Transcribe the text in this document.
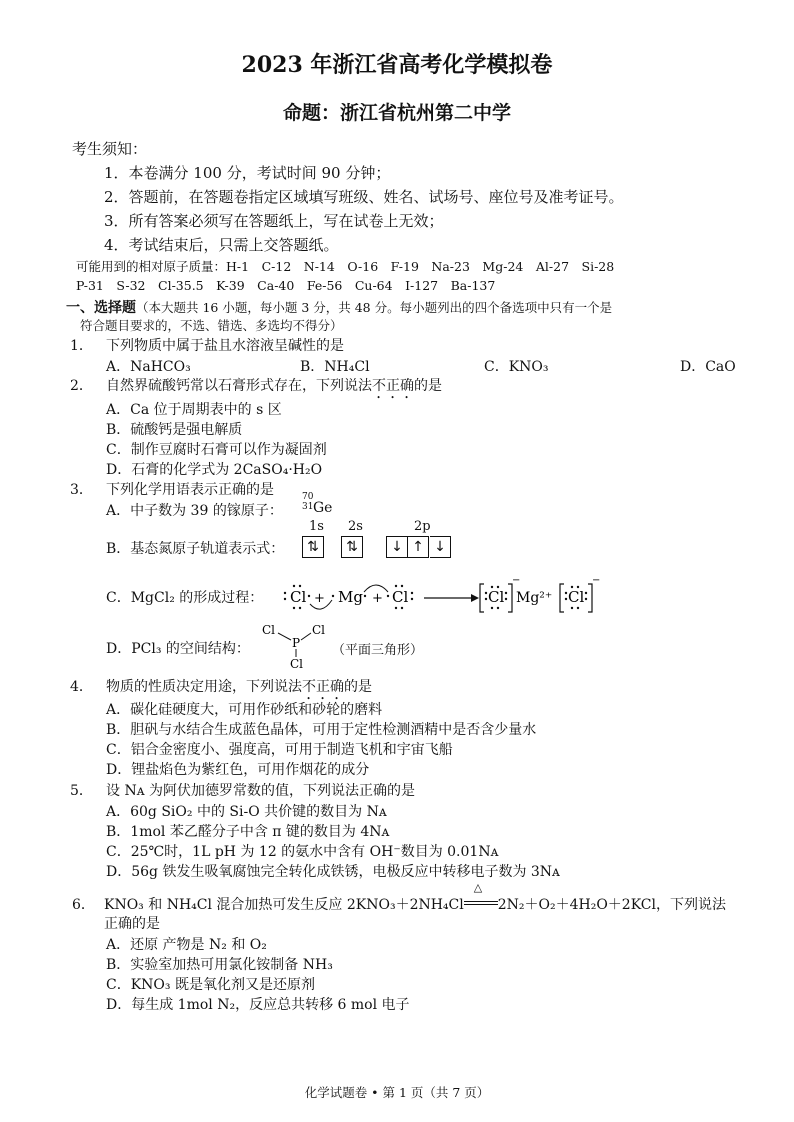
2023 年浙江省高考化学模拟卷
命题：浙江省杭州第二中学
考生须知：
1．本卷满分 100 分，考试时间 90 分钟；
2．答题前，在答题卷指定区域填写班级、姓名、试场号、座位号及准考证号。
3．所有答案必须写在答题纸上，写在试卷上无效；
4．考试结束后，只需上交答题纸。
可能用到的相对原子质量：H-1　C-12　N-14　O-16　F-19　Na-23　Mg-24　Al-27　Si-28
P-31　S-32　Cl-35.5　K-39　Ca-40　Fe-56　Cu-64　I-127　Ba-137
一、选择题（本大题共 16 小题，每小题 3 分，共 48 分。每小题列出的四个备选项中只有一个是
符合题目要求的，不选、错选、多选均不得分）
1． 下列物质中属于盐且水溶液呈碱性的是
A．NaHCO₃	B．NH₄Cl	C．KNO₃	D．CaO
2． 自然界硫酸钙常以石膏形式存在，下列说法不正确的是
A．Ca 位于周期表中的 s 区
B．硫酸钙是强电解质
C．制作豆腐时石膏可以作为凝固剂
D．石膏的化学式为 2CaSO₄·H₂O
3． 下列化学用语表示正确的是
A．中子数为 39 的镓原子：
70
31 Ge
B．基态氮原子轨道表示式：
1s 2s	2p
⇅	⇅	↓ ↑ ↓
C．MgCl₂ 的形成过程： Cl + Mg + Cl	Cl Mg²⁺ Cl
−	−
D．PCl₃ 的空间结构：
Cl	Cl
P
Cl
（平面三角形）
4． 物质的性质决定用途，下列说法不正确的是
A．碳化硅硬度大，可用作砂纸和砂轮的磨料
B．胆矾与水结合生成蓝色晶体，可用于定性检测酒精中是否含少量水
C．铝合金密度小、强度高，可用于制造飞机和宇宙飞船
D．锂盐焰色为紫红色，可用作烟花的成分
5． 设 Nᴀ 为阿伏加德罗常数的值，下列说法正确的是
A．60g SiO₂ 中的 Si-O 共价键的数目为 Nᴀ
B．1mol 苯乙醛分子中含 π 键的数目为 4Nᴀ
C．25℃时，1L pH 为 12 的氨水中含有 OH⁻数目为 0.01Nᴀ
D．56g 铁发生吸氧腐蚀完全转化成铁锈，电极反应中转移电子数为 3Nᴀ
6． KNO₃ 和 NH₄Cl 混合加热可发生反应 2KNO₃＋2NH₄Cl
△
2N₂＋O₂＋4H₂O＋2KCl，下列说法
正确的是
A．还原 产物是 N₂ 和 O₂
B．实验室加热可用氯化铵制备 NH₃
C．KNO₃ 既是氧化剂又是还原剂
D．每生成 1mol N₂，反应总共转移 6 mol 电子
化学试题卷 • 第 1 页（共 7 页）
